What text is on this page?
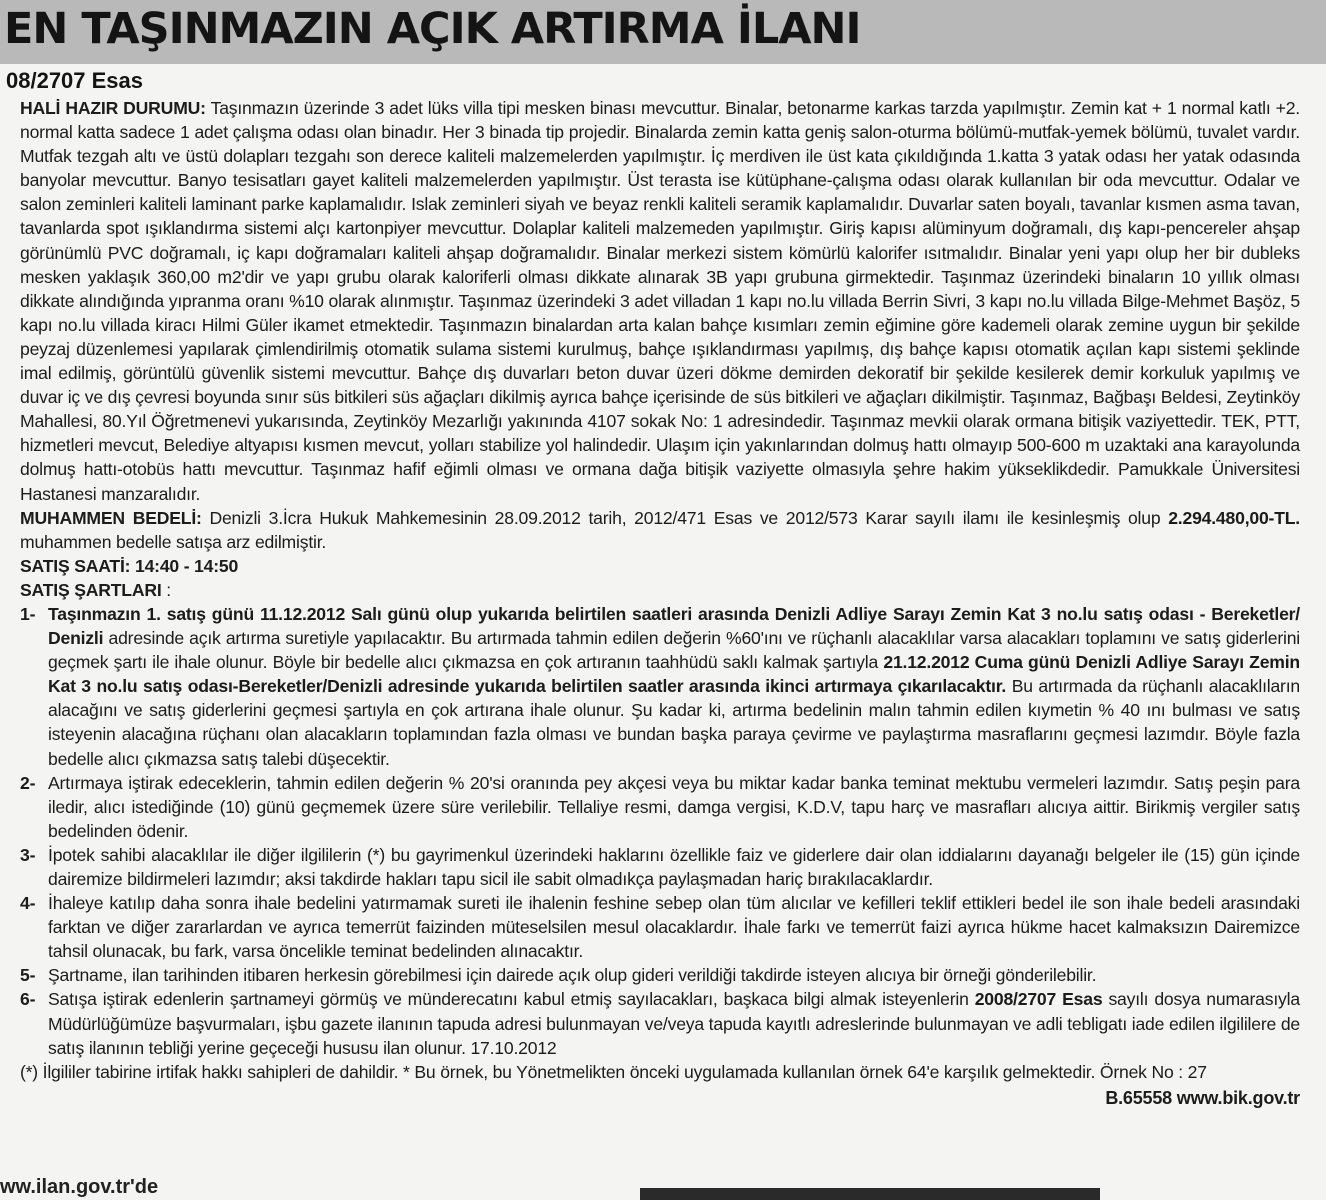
EN TAŞINMAZIN AÇIK ARTIRMA İLANI
08/2707 Esas

HALİ HAZIR DURUMU: Taşınmazın üzerinde 3 adet lüks villa tipi mesken binası mevcuttur. Binalar, betonarme karkas tarzda yapılmıştır. Zemin kat + 1 normal katlı +2. normal katta sadece 1 adet çalışma odası olan binadır. Her 3 binada tip projedir. Binalarda zemin katta geniş salon-oturma bölümü-mutfak-yemek bölümü, tuvalet vardır. Mutfak tezgah altı ve üstü dolapları tezgahı son derece kaliteli malzemelerden yapılmıştır. İç merdiven ile üst kata çıkıldığında 1.katta 3 yatak odası her yatak odasında banyolar mevcuttur. Banyo tesisatları gayet kaliteli malzemelerden yapılmıştır. Üst terasta ise kütüphane-çalışma odası olarak kullanılan bir oda mevcuttur. Odalar ve salon zeminleri kaliteli laminant parke kaplamalıdır. Islak zeminleri siyah ve beyaz renkli kaliteli seramik kaplamalıdır. Duvarlar saten boyalı, tavanlar kısmen asma tavan, tavanlarda spot ışıklandırma sistemi alçı kartonpiyer mevcuttur. Dolaplar kaliteli malzemeden yapılmıştır. Giriş kapısı alüminyum doğramalı, dış kapı-pencereler ahşap görünümlü PVC doğramalı, iç kapı doğramaları kaliteli ahşap doğramalıdır. Binalar merkezi sistem kömürlü kalorifer ısıtmalıdır. Binalar yeni yapı olup her bir dubleks mesken yaklaşık 360,00 m2'dir ve yapı grubu olarak kaloriferli olması dikkate alınarak 3B yapı grubuna girmektedir. Taşınmaz üzerindeki binaların 10 yıllık olması dikkate alındığında yıpranma oranı %10 olarak alınmıştır. Taşınmaz üzerindeki 3 adet villadan 1 kapı no.lu villada Berrin Sivri, 3 kapı no.lu villada Bilge-Mehmet Başöz, 5 kapı no.lu villada kiracı Hilmi Güler ikamet etmektedir. Taşınmazın binalardan arta kalan bahçe kısımları zemin eğimine göre kademeli olarak zemine uygun bir şekilde peyzaj düzenlemesi yapılarak çimlendirilmiş otomatik sulama sistemi kurulmuş, bahçe ışıklandırması yapılmış, dış bahçe kapısı otomatik açılan kapı sistemi şeklinde imal edilmiş, görüntülü güvenlik sistemi mevcuttur. Bahçe dış duvarları beton duvar üzeri dökme demirden dekoratif bir şekilde kesilerek demir korkuluk yapılmış ve duvar iç ve dış çevresi boyunda sınır süs bitkileri süs ağaçları dikilmiş ayrıca bahçe içerisinde de süs bitkileri ve ağaçları dikilmiştir. Taşınmaz, Bağbaşı Beldesi, Zeytinköy Mahallesi, 80.Yıl Öğretmenevi yukarısında, Zeytinköy Mezarlığı yakınında 4107 sokak No: 1 adresindedir. Taşınmaz mevkii olarak ormana bitişik vaziyettedir. TEK, PTT, hizmetleri mevcut, Belediye altyapısı kısmen mevcut, yolları stabilize yol halindedir. Ulaşım için yakınlarından dolmuş hattı olmayıp 500-600 m uzaktaki ana karayolunda dolmuş hattı-otobüs hattı mevcuttur. Taşınmaz hafif eğimli olması ve ormana dağa bitişik vaziyette olmasıyla şehre hakim yükseklikdedir. Pamukkale Üniversitesi Hastanesi manzaralıdır.

MUHAMMEN BEDELİ: Denizli 3.İcra Hukuk Mahkemesinin 28.09.2012 tarih, 2012/471 Esas ve 2012/573 Karar sayılı ilamı ile kesinleşmiş olup 2.294.480,00-TL. muhammen bedelle satışa arz edilmiştir.

SATIŞ SAATİ: 14:40 - 14:50

SATIŞ ŞARTLARI :

1- Taşınmazın 1. satış günü 11.12.2012 Salı günü olup yukarıda belirtilen saatleri arasında Denizli Adliye Sarayı Zemin Kat 3 no.lu satış odası - Bereketler/ Denizli adresinde açık artırma suretiyle yapılacaktır. Bu artırmada tahmin edilen değerin %60'ını ve rüçhanlı alacaklılar varsa alacakları toplamını ve satış giderlerini geçmek şartı ile ihale olunur. Böyle bir bedelle alıcı çıkmazsa en çok artıranın taahhüdü saklı kalmak şartıyla 21.12.2012 Cuma günü Denizli Adliye Sarayı Zemin Kat 3 no.lu satış odası-Bereketler/Denizli adresinde yukarıda belirtilen saatler arasında ikinci artırmaya çıkarılacaktır. Bu artırmada da rüçhanlı alacaklıların alacağını ve satış giderlerini geçmesi şartıyla en çok artırana ihale olunur. Şu kadar ki, artırma bedelinin malın tahmin edilen kıymetin % 40 ını bulması ve satış isteyenin alacağına rüçhanı olan alacakların toplamından fazla olması ve bundan başka paraya çevirme ve paylaştırma masraflarını geçmesi lazımdır. Böyle fazla bedelle alıcı çıkmazsa satış talebi düşecektir.
2- Artırmaya iştirak edeceklerin, tahmin edilen değerin % 20'si oranında pey akçesi veya bu miktar kadar banka teminat mektubu vermeleri lazımdır. Satış peşin para iledir, alıcı istediğinde (10) günü geçmemek üzere süre verilebilir. Tellaliye resmi, damga vergisi, K.D.V, tapu harç ve masrafları alıcıya aittir. Birikmiş vergiler satış bedelinden ödenir.
3- İpotek sahibi alacaklılar ile diğer ilgililerin (*) bu gayrimenkul üzerindeki haklarını özellikle faiz ve giderlere dair olan iddialarını dayanağı belgeler ile (15) gün içinde dairemize bildirmeleri lazımdır; aksi takdirde hakları tapu sicil ile sabit olmadıkça paylaşmadan hariç bırakılacaklardır.
4- İhaleye katılıp daha sonra ihale bedelini yatırmamak sureti ile ihalenin feshine sebep olan tüm alıcılar ve kefilleri teklif ettikleri bedel ile son ihale bedeli arasındaki farktan ve diğer zararlardan ve ayrıca temerrüt faizinden müteselsilen mesul olacaklardır. İhale farkı ve temerrüt faizi ayrıca hükme hacet kalmaksızın Dairemizce tahsil olunacak, bu fark, varsa öncelikle teminat bedelinden alınacaktır.
5- Şartname, ilan tarihinden itibaren herkesin görebilmesi için dairede açık olup gideri verildiği takdirde isteyen alıcıya bir örneği gönderilebilir.
6- Satışa iştirak edenlerin şartnameyi görmüş ve münderecatını kabul etmiş sayılacakları, başkaca bilgi almak isteyenlerin 2008/2707 Esas sayılı dosya numarasıyla Müdürlüğümüze başvurmaları, işbu gazete ilanının tapuda adresi bulunmayan ve/veya tapuda kayıtlı adreslerinde bulunmayan ve adli tebligatı iade edilen ilgililere de satış ilanının tebliği yerine geçeceği hususu ilan olunur. 17.10.2012

(*) İlgililer tabirine irtifak hakkı sahipleri de dahildir. * Bu örnek, bu Yönetmelikten önceki uygulamada kullanılan örnek 64'e karşılık gelmektedir. Örnek No : 27

B.65558 www.bik.gov.tr
ww.ilan.gov.tr'de
